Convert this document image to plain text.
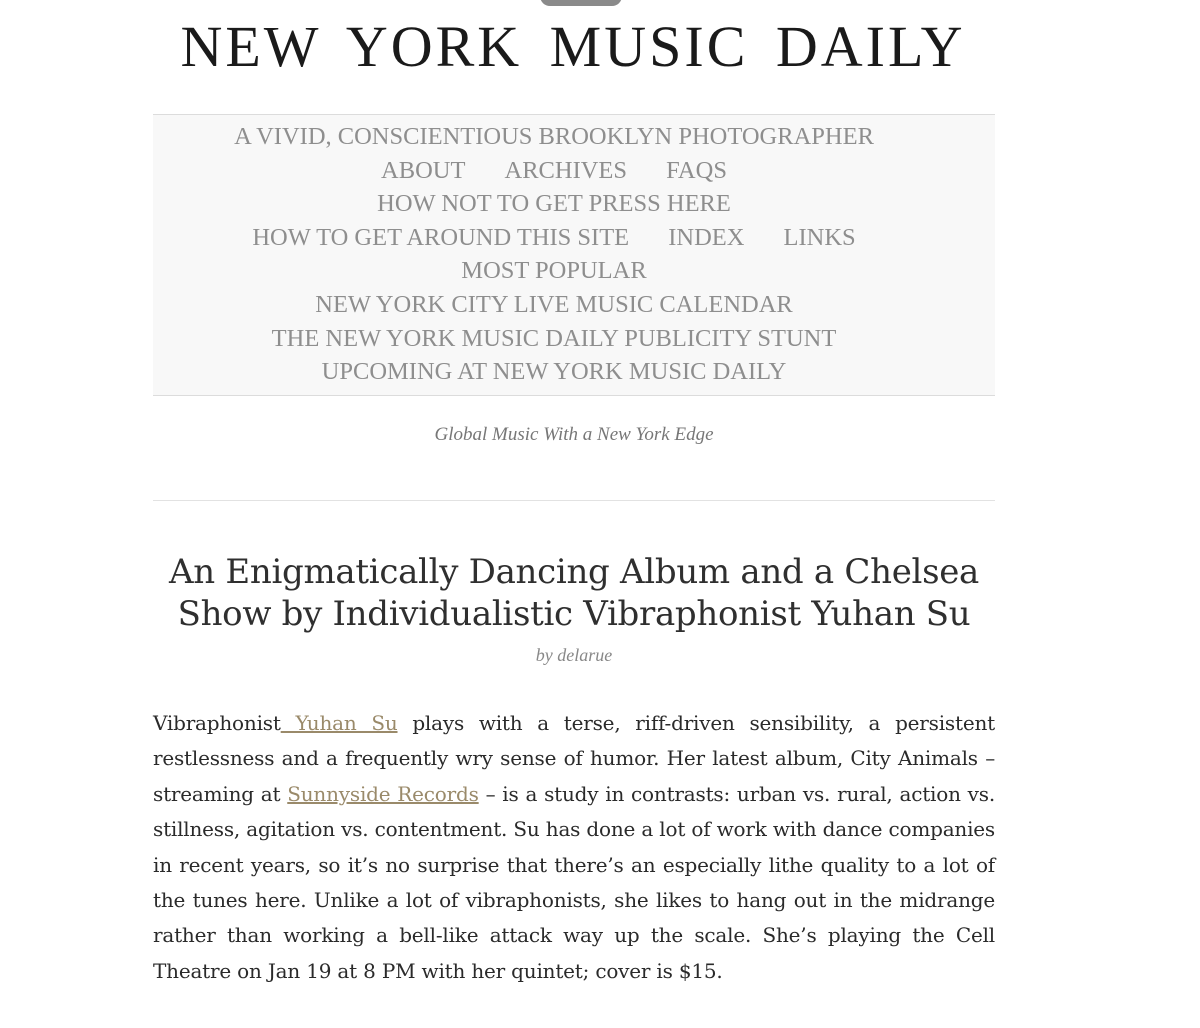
NEW YORK MUSIC DAILY
A VIVID, CONSCIENTIOUS BROOKLYN PHOTOGRAPHER
ABOUT ARCHIVES FAQS
HOW NOT TO GET PRESS HERE
HOW TO GET AROUND THIS SITE INDEX LINKS
MOST POPULAR
NEW YORK CITY LIVE MUSIC CALENDAR
THE NEW YORK MUSIC DAILY PUBLICITY STUNT
UPCOMING AT NEW YORK MUSIC DAILY
Global Music With a New York Edge
An Enigmatically Dancing Album and a Chelsea Show by Individualistic Vibraphonist Yuhan Su
by delarue

Vibraphonist Yuhan Su plays with a terse, riff-driven sensibility, a persistent restlessness and a frequently wry sense of humor. Her latest album, City Animals – streaming at Sunnyside Records – is a study in contrasts: urban vs. rural, action vs. stillness, agitation vs. contentment. Su has done a lot of work with dance companies in recent years, so it’s no surprise that there’s an especially lithe quality to a lot of the tunes here. Unlike a lot of vibraphonists, she likes to hang out in the midrange rather than working a bell-like attack way up the scale. She’s playing the Cell Theatre on Jan 19 at 8 PM with her quintet; cover is $15.
